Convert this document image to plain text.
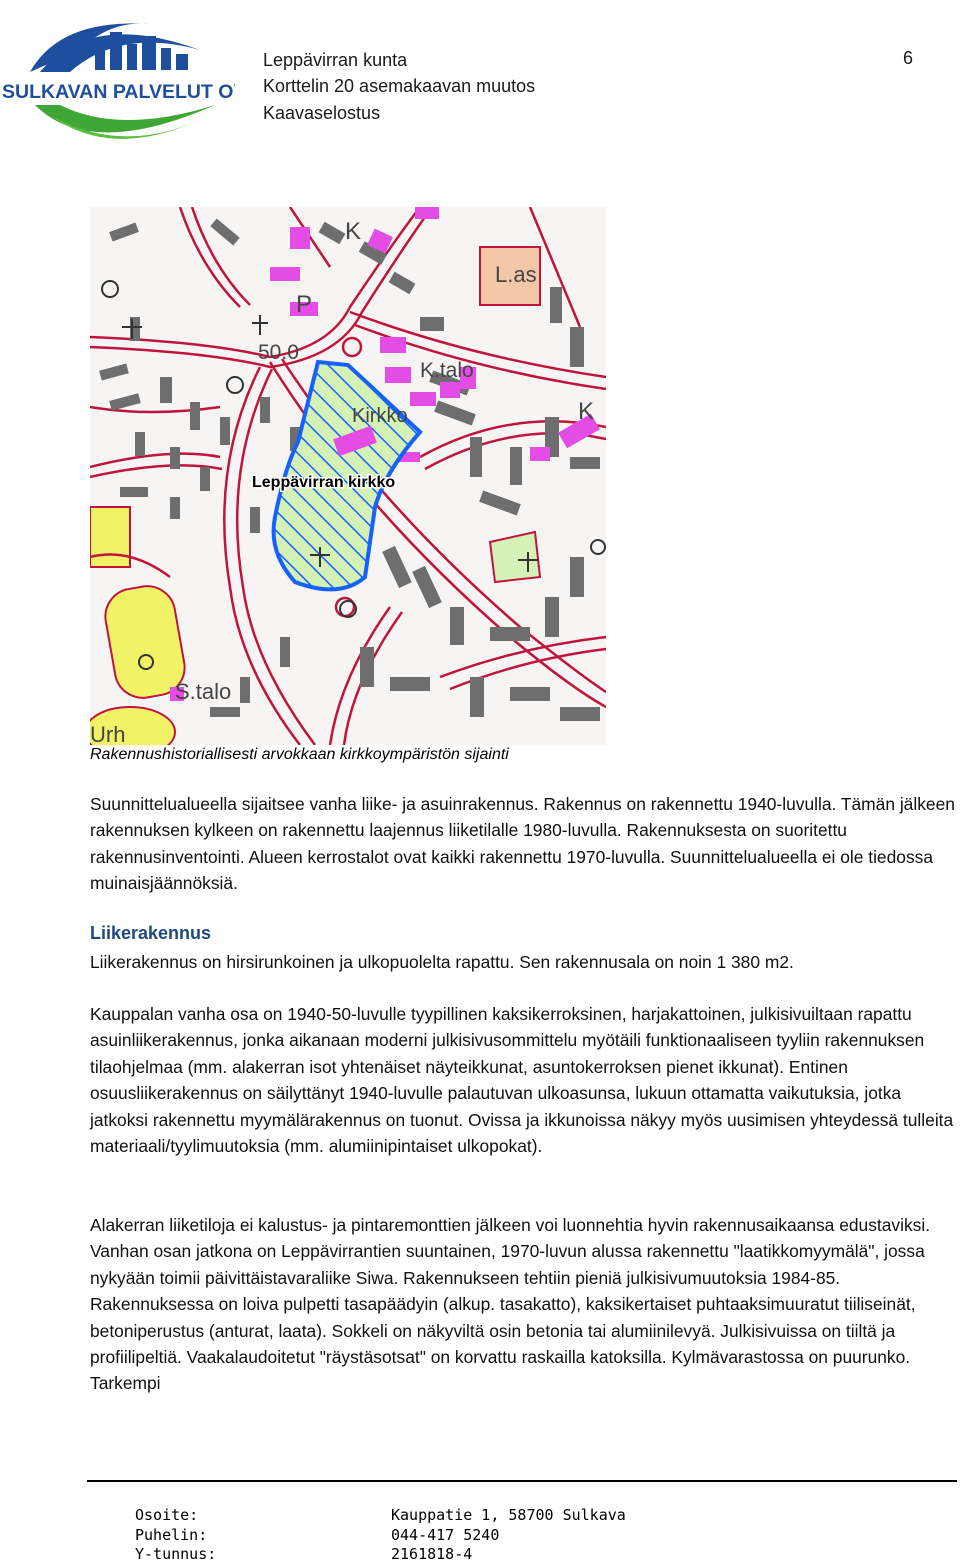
SULKAVAN PALVELUT OY
Leppävirran kunta
Korttelin 20 asemakaavan muutos
Kaavaselostus
6
K
L.as
P
50.0
K.talo
Kirkko	K
S.talo
Urh
Leppävirran kirkko
Rakennushistoriallisesti arvokkaan kirkkoympäristön sijainti

Suunnittelualueella sijaitsee vanha liike- ja asuinrakennus. Rakennus on rakennettu 1940-luvulla. Tämän jälkeen rakennuksen kylkeen on rakennettu laajennus liiketilalle 1980-luvulla. Rakennuksesta on suoritettu rakennusinventointi. Alueen kerrostalot ovat kaikki rakennettu 1970-luvulla. Suunnittelualueella ei ole tiedossa muinaisjäännöksiä.

Liikerakennus

Liikerakennus on hirsirunkoinen ja ulkopuolelta rapattu. Sen rakennusala on noin 1 380 m2.

Kauppalan vanha osa on 1940-50-luvulle tyypillinen kaksikerroksinen, harjakattoinen, julkisivuiltaan rapattu asuinliikerakennus, jonka aikanaan moderni julkisivusommittelu myötäili funktionaaliseen tyyliin rakennuksen tilaohjelmaa (mm. alakerran isot yhtenäiset näyteikkunat, asuntokerroksen pienet ikkunat). Entinen osuusliikerakennus on säilyttänyt 1940-luvulle palautuvan ulkoasunsa, lukuun ottamatta vaikutuksia, jotka jatkoksi rakennettu myymälärakennus on tuonut. Ovissa ja ikkunoissa näkyy myös uusimisen yhteydessä tulleita materiaali/tyylimuutoksia (mm. alumiinipintaiset ulkopokat).

Alakerran liiketiloja ei kalustus- ja pintaremonttien jälkeen voi luonnehtia hyvin rakennusaikaansa edustaviksi. Vanhan osan jatkona on Leppävirrantien suuntainen, 1970-luvun alussa rakennettu "laatikkomyymälä", jossa nykyään toimii päivittäistavaraliike Siwa. Rakennukseen tehtiin pieniä julkisivumuutoksia 1984-85. Rakennuksessa on loiva pulpetti tasapäädyin (alkup. tasakatto), kaksikertaiset puhtaaksimuuratut tiiliseinät, betoniperustus (anturat, laata). Sokkeli on näkyviltä osin betonia tai alumiinilevyä. Julkisivuissa on tiiltä ja profiilipeltiä. Vaakalaudoitetut "räystäsotsat" on korvattu raskailla katoksilla. Kylmävarastossa on puurunko. Tarkempi

Osoite:
Puhelin:
Y-tunnus:
Kauppatie 1, 58700 Sulkava
044-417 5240
2161818-4
